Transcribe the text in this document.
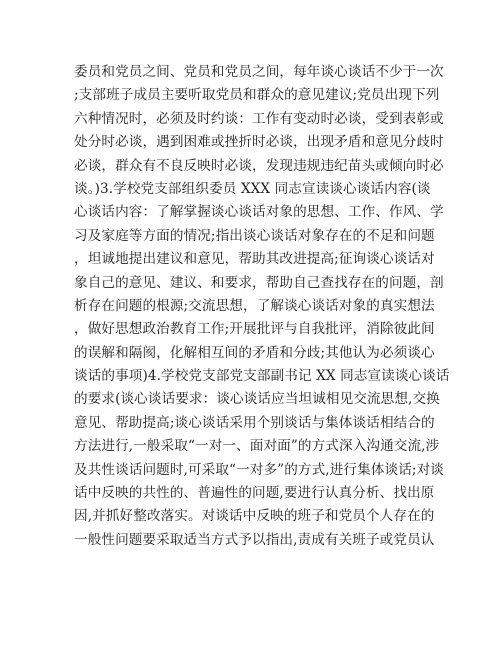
委员和党员之间、党员和党员之间，每年谈心谈话不少于一次
;支部班子成员主要听取党员和群众的意见建议;党员出现下列
六种情况时，必须及时约谈：工作有变动时必谈，受到表彰或
处分时必谈，遇到困难或挫折时必谈，出现矛盾和意见分歧时
必谈，群众有不良反映时必谈，发现违规违纪苗头或倾向时必
谈。)3.学校党支部组织委员 XXX 同志宣读谈心谈话内容(谈
心谈话内容：了解掌握谈心谈话对象的思想、工作、作风、学
习及家庭等方面的情况;指出谈心谈话对象存在的不足和问题
，坦诚地提出建议和意见，帮助其改进提高;征询谈心谈话对
象自己的意见、建议、和要求，帮助自己查找存在的问题，剖
析存在问题的根源;交流思想，了解谈心谈话对象的真实想法
，做好思想政治教育工作;开展批评与自我批评，消除彼此间
的误解和隔阂，化解相互间的矛盾和分歧;其他认为必须谈心
谈话的事项)4.学校党支部党支部副书记 XX 同志宣读谈心谈话
的要求(谈心谈话要求：谈心谈话应当坦诚相见交流思想,交换
意见、帮助提高;谈心谈话采用个别谈话与集体谈话相结合的
方法进行,一般采取“一对一、面对面”的方式深入沟通交流,涉
及共性谈话问题时,可采取“一对多”的方式,进行集体谈话;对谈
话中反映的共性的、普遍性的问题,要进行认真分析、找出原
因,并抓好整改落实。对谈话中反映的班子和党员个人存在的
一般性问题要采取适当方式予以指出,责成有关班子或党员认
